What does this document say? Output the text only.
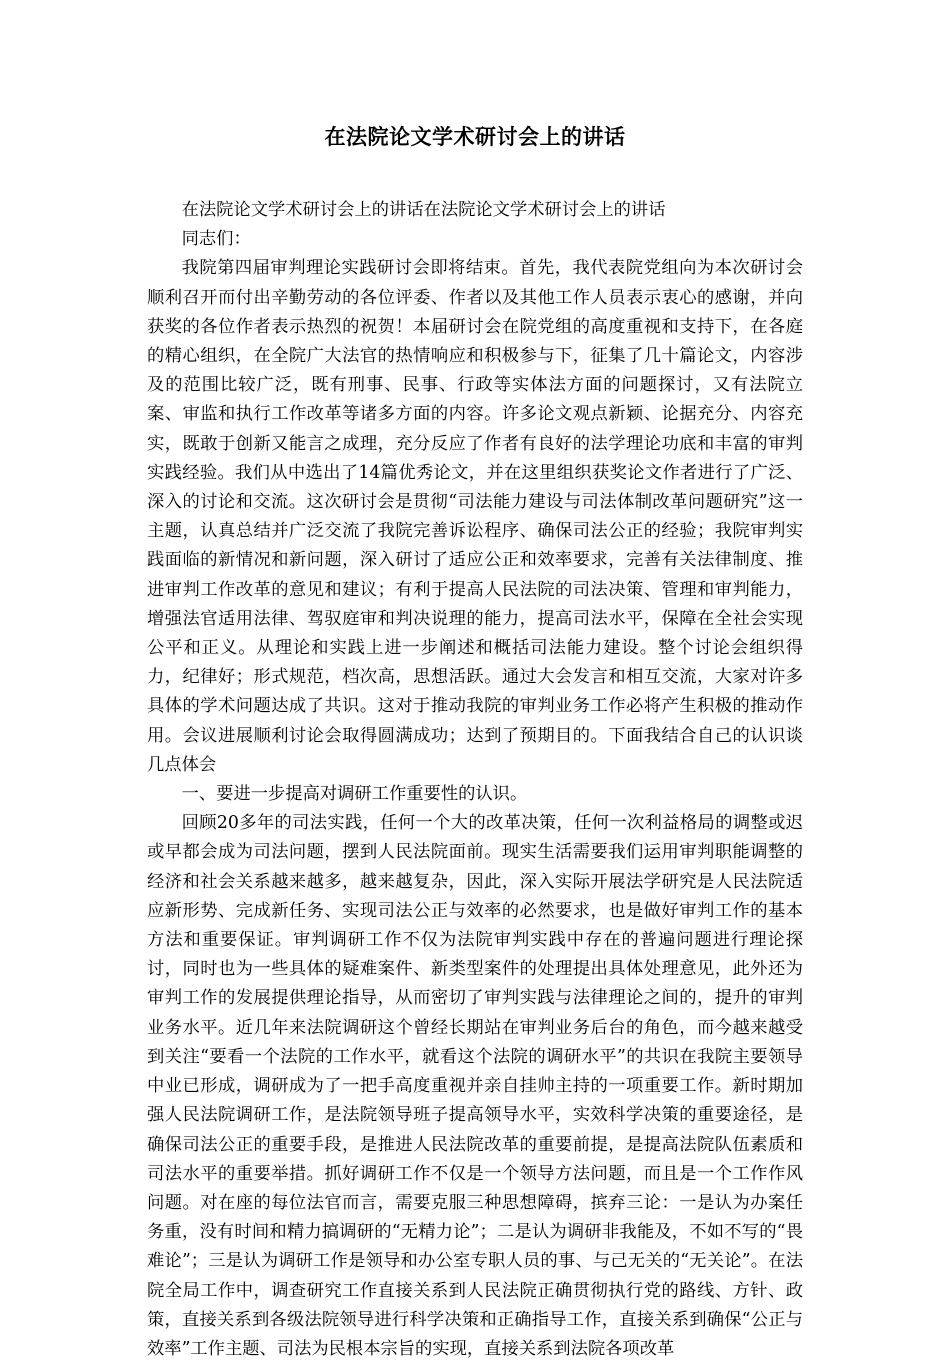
在法院论文学术研讨会上的讲话

在法院论文学术研讨会上的讲话在法院论文学术研讨会上的讲话

同志们：

我院第四届审判理论实践研讨会即将结束。首先，我代表院党组向为本次研讨会顺利召开而付出辛勤劳动的各位评委、作者以及其他工作人员表示衷心的感谢，并向获奖的各位作者表示热烈的祝贺！本届研讨会在院党组的高度重视和支持下，在各庭的精心组织，在全院广大法官的热情响应和积极参与下，征集了几十篇论文，内容涉及的范围比较广泛，既有刑事、民事、行政等实体法方面的问题探讨，又有法院立案、审监和执行工作改革等诸多方面的内容。许多论文观点新颖、论据充分、内容充实，既敢于创新又能言之成理，充分反应了作者有良好的法学理论功底和丰富的审判实践经验。我们从中选出了14篇优秀论文，并在这里组织获奖论文作者进行了广泛、深入的讨论和交流。这次研讨会是贯彻“司法能力建设与司法体制改革问题研究”这一主题，认真总结并广泛交流了我院完善诉讼程序、确保司法公正的经验；我院审判实践面临的新情况和新问题，深入研讨了适应公正和效率要求，完善有关法律制度、推进审判工作改革的意见和建议；有利于提高人民法院的司法决策、管理和审判能力，增强法官适用法律、驾驭庭审和判决说理的能力，提高司法水平，保障在全社会实现公平和正义。从理论和实践上进一步阐述和概括司法能力建设。整个讨论会组织得力，纪律好；形式规范，档次高，思想活跃。通过大会发言和相互交流，大家对许多具体的学术问题达成了共识。这对于推动我院的审判业务工作必将产生积极的推动作用。会议进展顺利讨论会取得圆满成功；达到了预期目的。下面我结合自己的认识谈几点体会

一、要进一步提高对调研工作重要性的认识。

回顾20多年的司法实践，任何一个大的改革决策，任何一次利益格局的调整或迟或早都会成为司法问题，摆到人民法院面前。现实生活需要我们运用审判职能调整的经济和社会关系越来越多，越来越复杂，因此，深入实际开展法学研究是人民法院适应新形势、完成新任务、实现司法公正与效率的必然要求，也是做好审判工作的基本方法和重要保证。审判调研工作不仅为法院审判实践中存在的普遍问题进行理论探讨，同时也为一些具体的疑难案件、新类型案件的处理提出具体处理意见，此外还为审判工作的发展提供理论指导，从而密切了审判实践与法律理论之间的，提升的审判业务水平。近几年来法院调研这个曾经长期站在审判业务后台的角色，而今越来越受到关注“要看一个法院的工作水平，就看这个法院的调研水平”的共识在我院主要领导中业已形成，调研成为了一把手高度重视并亲自挂帅主持的一项重要工作。新时期加强人民法院调研工作，是法院领导班子提高领导水平，实效科学决策的重要途径，是确保司法公正的重要手段，是推进人民法院改革的重要前提，是提高法院队伍素质和司法水平的重要举措。抓好调研工作不仅是一个领导方法问题，而且是一个工作作风问题。对在座的每位法官而言，需要克服三种思想障碍，摈弃三论：一是认为办案任务重，没有时间和精力搞调研的“无精力论”；二是认为调研非我能及，不如不写的“畏难论”；三是认为调研工作是领导和办公室专职人员的事、与己无关的“无关论”。在法院全局工作中，调查研究工作直接关系到人民法院正确贯彻执行党的路线、方针、政策，直接关系到各级法院领导进行科学决策和正确指导工作，直接关系到确保“公正与效率”工作主题、司法为民根本宗旨的实现，直接关系到法院各项改革
